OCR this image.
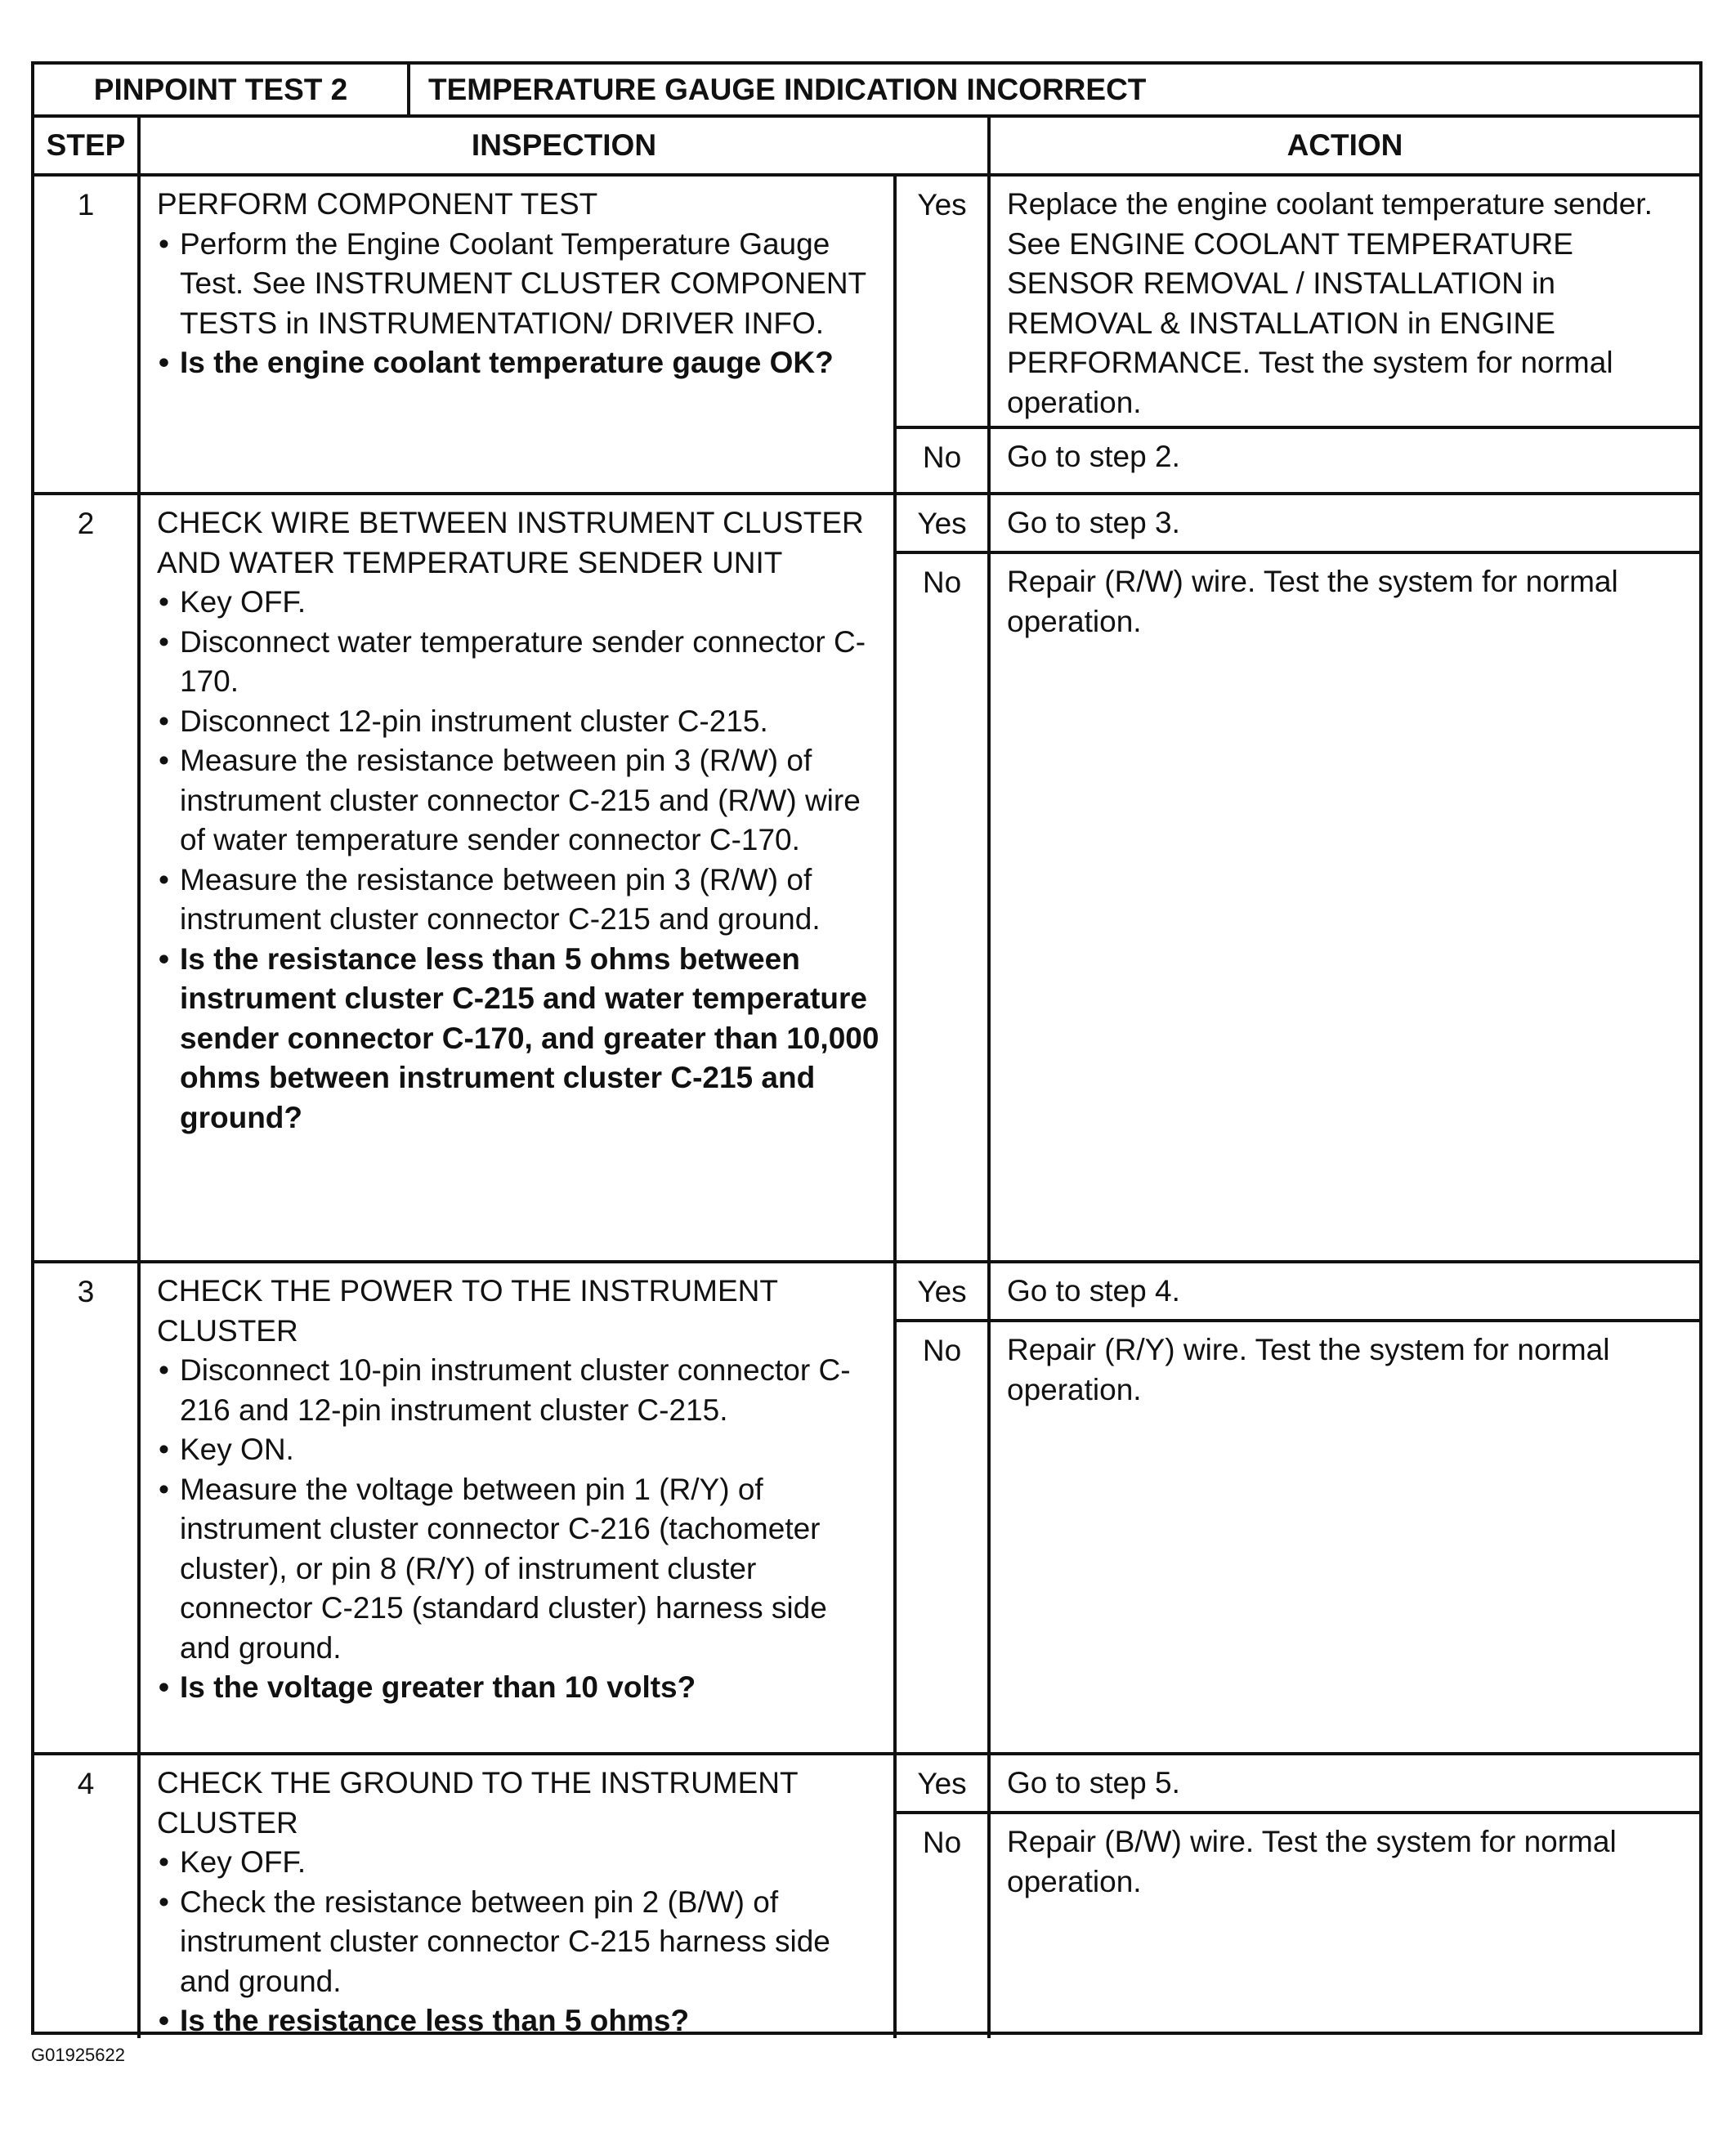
PINPOINT TEST 2	TEMPERATURE GAUGE INDICATION INCORRECT
STEP	INSPECTION	ACTION
1	PERFORM COMPONENT TEST
• Perform the Engine Coolant Temperature Gauge Test. See INSTRUMENT CLUSTER COMPONENT TESTS in INSTRUMENTATION/ DRIVER INFO.
• Is the engine coolant temperature gauge OK?
Yes	Replace the engine coolant temperature sender. See ENGINE COOLANT TEMPERATURE SENSOR REMOVAL / INSTALLATION in REMOVAL & INSTALLATION in ENGINE PERFORMANCE. Test the system for normal operation.
No	Go to step 2.
2	CHECK WIRE BETWEEN INSTRUMENT CLUSTER AND WATER TEMPERATURE SENDER UNIT
• Key OFF.
• Disconnect water temperature sender connector C-170.
• Disconnect 12-pin instrument cluster C-215.
• Measure the resistance between pin 3 (R/W) of instrument cluster connector C-215 and (R/W) wire of water temperature sender connector C-170.
• Measure the resistance between pin 3 (R/W) of instrument cluster connector C-215 and ground.
• Is the resistance less than 5 ohms between instrument cluster C-215 and water temperature sender connector C-170, and greater than 10,000 ohms between instrument cluster C-215 and ground?
Yes	Go to step 3.
No	Repair (R/W) wire. Test the system for normal operation.
3	CHECK THE POWER TO THE INSTRUMENT CLUSTER
• Disconnect 10-pin instrument cluster connector C-216 and 12-pin instrument cluster C-215.
• Key ON.
• Measure the voltage between pin 1 (R/Y) of instrument cluster connector C-216 (tachometer cluster), or pin 8 (R/Y) of instrument cluster connector C-215 (standard cluster) harness side and ground.
• Is the voltage greater than 10 volts?
Yes	Go to step 4.
No	Repair (R/Y) wire. Test the system for normal operation.
4	CHECK THE GROUND TO THE INSTRUMENT CLUSTER
• Key OFF.
• Check the resistance between pin 2 (B/W) of instrument cluster connector C-215 harness side and ground.
• Is the resistance less than 5 ohms?
Yes	Go to step 5.
No	Repair (B/W) wire. Test the system for normal operation.
G01925622
